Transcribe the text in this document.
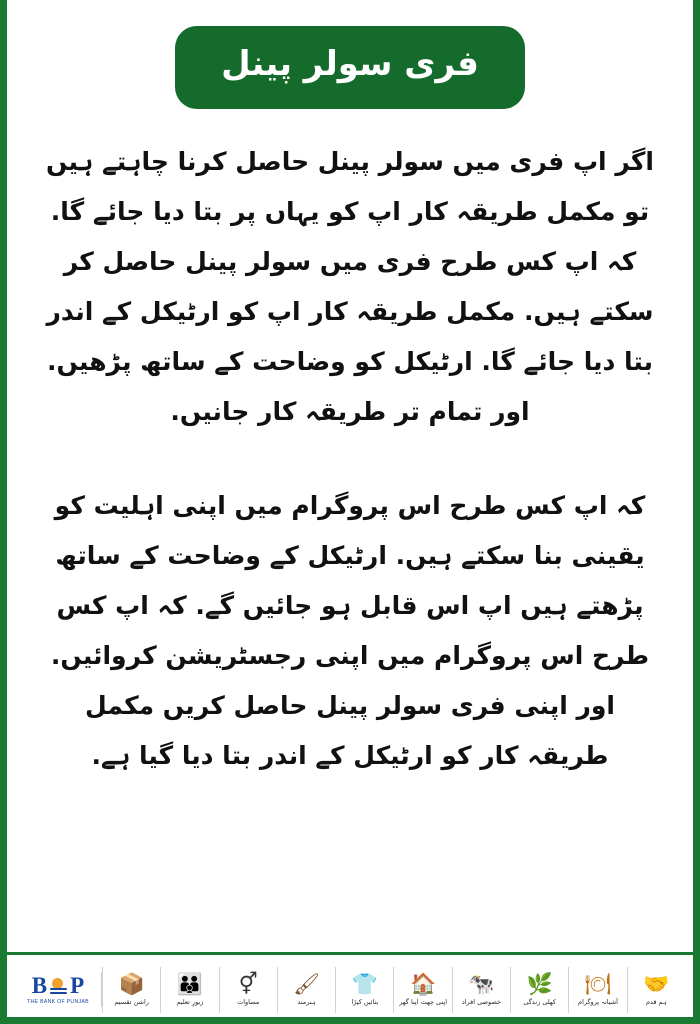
فری سولر پینل

اگر اپ فری میں سولر پینل حاصل کرنا چاہتے ہیں تو مکمل طریقہ کار اپ کو یہاں پر بتا دیا جائے گا. کہ اپ کس طرح فری میں سولر پینل حاصل کر سکتے ہیں. مکمل طریقہ کار اپ کو ارٹیکل کے اندر بتا دیا جائے گا. ارٹیکل کو وضاحت کے ساتھ پڑھیں. اور تمام تر طریقہ کار جانیں.

کہ اپ کس طرح اس پروگرام میں اپنی اہلیت کو یقینی بنا سکتے ہیں. ارٹیکل کے وضاحت کے ساتھ پڑھتے ہیں اپ اس قابل ہو جائیں گے. کہ اپ کس طرح اس پروگرام میں اپنی رجسٹریشن کروائیں. اور اپنی فری سولر پینل حاصل کریں مکمل طریقہ کار کو ارٹیکل کے اندر بتا دیا گیا ہے.

B P
THE BANK OF PUNJAB
📦
راشن تقسیم
👪
زیورِ تعلیم
⚥
مساوات
🖌
ہنرمند
👕
بنائیں کپڑا
🏠
اپنی چھت اپنا گھر
🐄
خصوصی افراد
🌿
کھلی زندگی
🍽
آشیانہ پروگرام
🤝
ہم قدم
